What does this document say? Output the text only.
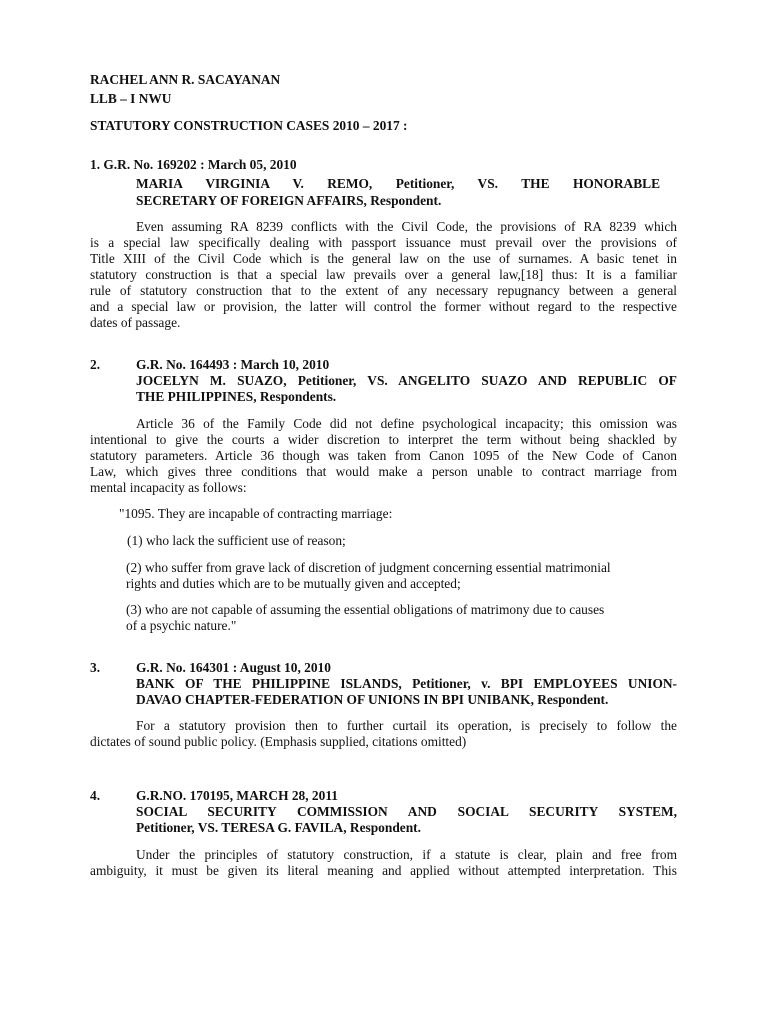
RACHEL ANN R. SACAYANAN
LLB – I NWU
STATUTORY CONSTRUCTION CASES 2010 – 2017 :
1. G.R. No. 169202 : March 05, 2010
MARIA VIRGINIA V. REMO, Petitioner, VS. THE HONORABLE
SECRETARY OF FOREIGN AFFAIRS, Respondent.
Even assuming RA 8239 conflicts with the Civil Code, the provisions of RA 8239 which
is a special law specifically dealing with passport issuance must prevail over the provisions of
Title XIII of the Civil Code which is the general law on the use of surnames. A basic tenet in
statutory construction is that a special law prevails over a general law,[18] thus: It is a familiar
rule of statutory construction that to the extent of any necessary repugnancy between a general
and a special law or provision, the latter will control the former without regard to the respective
dates of passage.
2.	G.R. No. 164493 : March 10, 2010
JOCELYN M. SUAZO, Petitioner, VS. ANGELITO SUAZO AND REPUBLIC OF
THE PHILIPPINES, Respondents.
Article 36 of the Family Code did not define psychological incapacity; this omission was
intentional to give the courts a wider discretion to interpret the term without being shackled by
statutory parameters. Article 36 though was taken from Canon 1095 of the New Code of Canon
Law, which gives three conditions that would make a person unable to contract marriage from
mental incapacity as follows:
"1095. They are incapable of contracting marriage:
(1) who lack the sufficient use of reason;
(2) who suffer from grave lack of discretion of judgment concerning essential matrimonial
rights and duties which are to be mutually given and accepted;
(3) who are not capable of assuming the essential obligations of matrimony due to causes
of a psychic nature."
3.	G.R. No. 164301 : August 10, 2010
BANK OF THE PHILIPPINE ISLANDS, Petitioner, v. BPI EMPLOYEES UNION-
DAVAO CHAPTER-FEDERATION OF UNIONS IN BPI UNIBANK, Respondent.
For a statutory provision then to further curtail its operation, is precisely to follow the
dictates of sound public policy. (Emphasis supplied, citations omitted)
4.	G.R.NO. 170195, MARCH 28, 2011
SOCIAL SECURITY COMMISSION AND SOCIAL SECURITY SYSTEM,
Petitioner, VS. TERESA G. FAVILA, Respondent.
Under the principles of statutory construction, if a statute is clear, plain and free from
ambiguity, it must be given its literal meaning and applied without attempted interpretation. This
